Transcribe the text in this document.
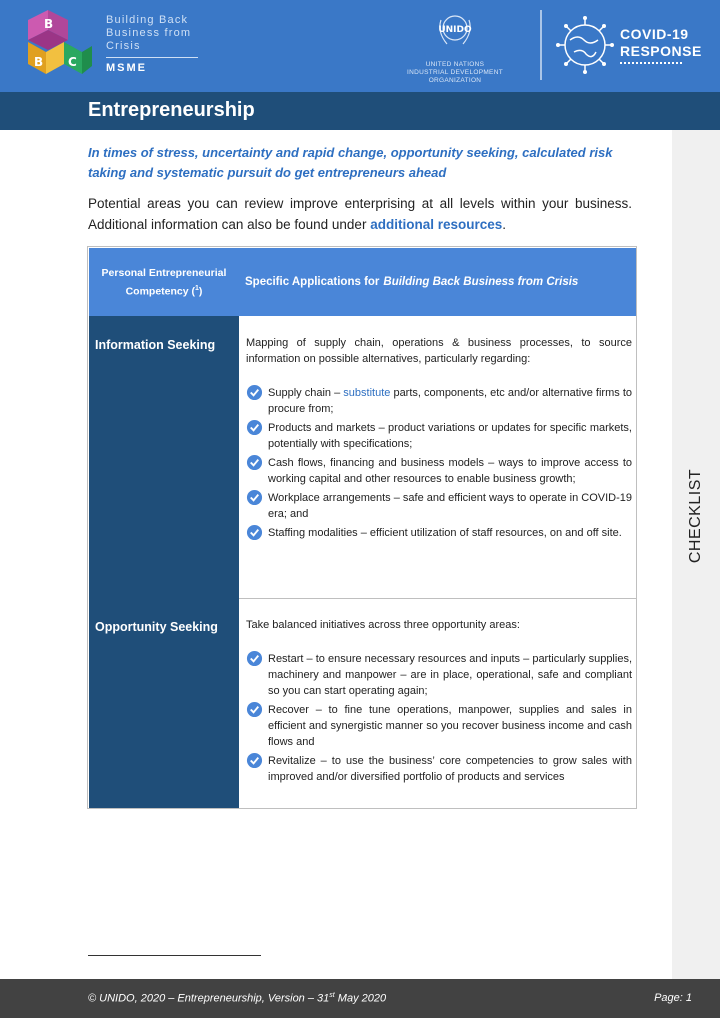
B
B C
Building Back
Business from
Crisis
MSME
UNIDO
UNITED NATIONS
INDUSTRIAL DEVELOPMENT ORGANIZATION
COVID-19
RESPONSE
Entrepreneurship
CHECKLIST
In times of stress, uncertainty and rapid change, opportunity seeking, calculated risk taking and systematic pursuit do get entrepreneurs ahead
Potential areas you can review improve enterprising at all levels within your business. Additional information can also be found under additional resources.
Personal Entrepreneurial Competency ($^1$)
Specific Applications for Building Back Business from Crisis
Information Seeking
Opportunity Seeking
Mapping of supply chain, operations & business processes, to source information on possible alternatives, particularly regarding:
Supply chain – substitute parts, components, etc and/or alternative firms to procure from;
Products and markets – product variations or updates for specific markets, potentially with specifications;
Cash flows, financing and business models – ways to improve access to working capital and other resources to enable business growth;
Workplace arrangements – safe and efficient ways to operate in COVID-19 era; and
Staffing modalities – efficient utilization of staff resources, on and off site.
Take balanced initiatives across three opportunity areas:
Restart – to ensure necessary resources and inputs – particularly supplies, machinery and manpower – are in place, operational, safe and compliant so you can start operating again;
Recover – to fine tune operations, manpower, supplies and sales in efficient and synergistic manner so you recover business income and cash flows and
Revitalize – to use the business’ core competencies to grow sales with improved and/or diversified portfolio of products and services
© UNIDO, 2020 – Entrepreneurship, Version – 31st May 2020	Page: 1
